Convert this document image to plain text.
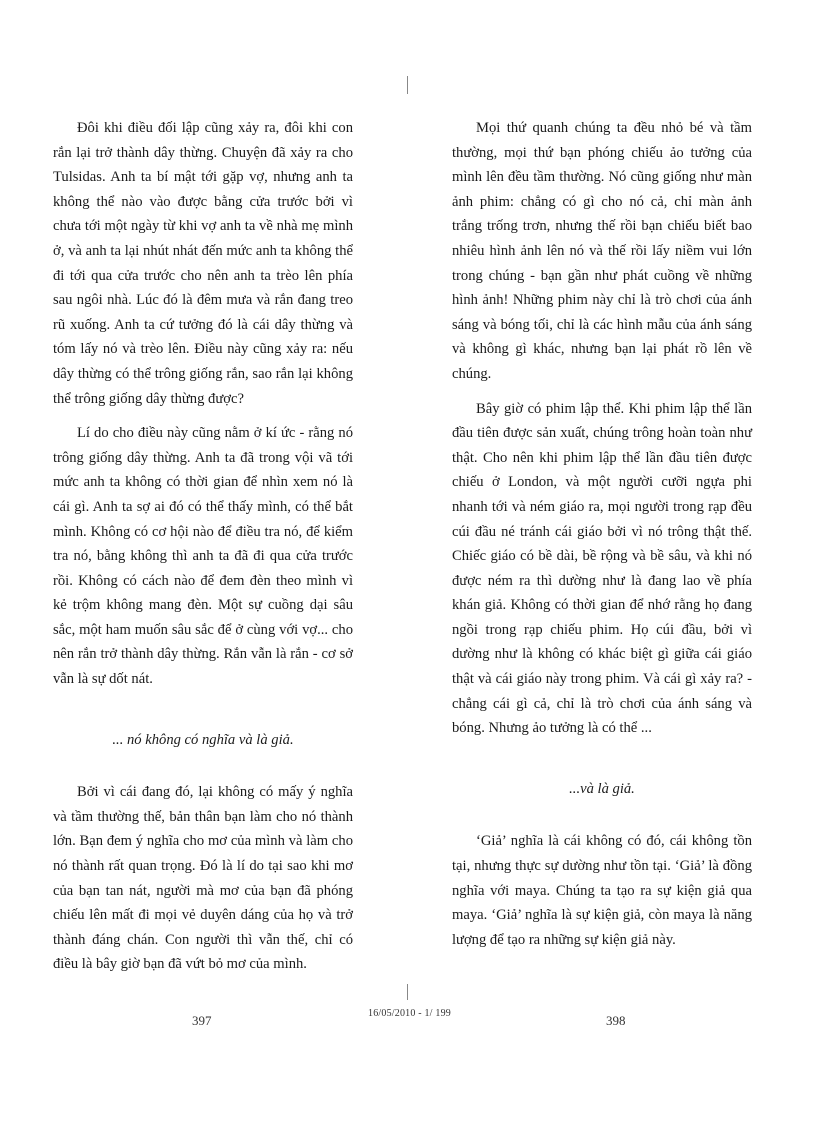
Đôi khi điều đối lập cũng xảy ra, đôi khi con rắn lại trở thành dây thừng. Chuyện đã xảy ra cho Tulsidas. Anh ta bí mật tới gặp vợ, nhưng anh ta không thể nào vào được bằng cửa trước bởi vì chưa tới một ngày từ khi vợ anh ta về nhà mẹ mình ở, và anh ta lại nhút nhát đến mức anh ta không thể đi tới qua cửa trước cho nên anh ta trèo lên phía sau ngôi nhà. Lúc đó là đêm mưa và rắn đang treo rũ xuống. Anh ta cứ tưởng đó là cái dây thừng và tóm lấy nó và trèo lên. Điều này cũng xảy ra: nếu dây thừng có thể trông giống rắn, sao rắn lại không thể trông giống dây thừng được?

Lí do cho điều này cũng nằm ở kí ức - rằng nó trông giống dây thừng. Anh ta đã trong vội vã tới mức anh ta không có thời gian để nhìn xem nó là cái gì. Anh ta sợ ai đó có thể thấy mình, có thể bắt mình. Không có cơ hội nào để điều tra nó, để kiểm tra nó, bằng không thì anh ta đã đi qua cửa trước rồi. Không có cách nào để đem đèn theo mình vì kẻ trộm không mang đèn. Một sự cuồng dại sâu sắc, một ham muốn sâu sắc để ở cùng với vợ... cho nên rắn trở thành dây thừng. Rắn vẫn là rắn - cơ sở vẫn là sự dốt nát.

... nó không có nghĩa và là giả.

Bởi vì cái đang đó, lại không có mấy ý nghĩa và tầm thường thế, bản thân bạn làm cho nó thành lớn. Bạn đem ý nghĩa cho mơ của mình và làm cho nó thành rất quan trọng. Đó là lí do tại sao khi mơ của bạn tan nát, người mà mơ của bạn đã phóng chiếu lên mất đi mọi vẻ duyên dáng của họ và trở thành đáng chán. Con người thì vẫn thế, chỉ có điều là bây giờ bạn đã vứt bỏ mơ của mình.

Mọi thứ quanh chúng ta đều nhỏ bé và tầm thường, mọi thứ bạn phóng chiếu ảo tưởng của mình lên đều tầm thường. Nó cũng giống như màn ảnh phim: chẳng có gì cho nó cả, chỉ màn ảnh trắng trống trơn, nhưng thế rồi bạn chiếu biết bao nhiêu hình ảnh lên nó và thế rồi lấy niềm vui lớn trong chúng - bạn gần như phát cuồng về những hình ảnh! Những phim này chỉ là trò chơi của ánh sáng và bóng tối, chỉ là các hình mẫu của ánh sáng và không gì khác, nhưng bạn lại phát rồ lên về chúng.

Bây giờ có phim lập thể. Khi phim lập thể lần đầu tiên được sản xuất, chúng trông hoàn toàn như thật. Cho nên khi phim lập thể lần đầu tiên được chiếu ở London, và một người cưỡi ngựa phi nhanh tới và ném giáo ra, mọi người trong rạp đều cúi đầu né tránh cái giáo bởi vì nó trông thật thế. Chiếc giáo có bề dài, bề rộng và bề sâu, và khi nó được ném ra thì dường như là đang lao về phía khán giả. Không có thời gian để nhớ rằng họ đang ngồi trong rạp chiếu phim. Họ cúi đầu, bởi vì dường như là không có khác biệt gì giữa cái giáo thật và cái giáo này trong phim. Và cái gì xảy ra? - chẳng cái gì cả, chỉ là trò chơi của ánh sáng và bóng. Nhưng ảo tưởng là có thể ...

...và là giả.

‘Giả’ nghĩa là cái không có đó, cái không tồn tại, nhưng thực sự dường như tồn tại. ‘Giả’ là đồng nghĩa với maya. Chúng ta tạo ra sự kiện giả qua maya. ‘Giả’ nghĩa là sự kiện giả, còn maya là năng lượng để tạo ra những sự kiện giả này.

397	16/05/2010 - 1/ 199	398
